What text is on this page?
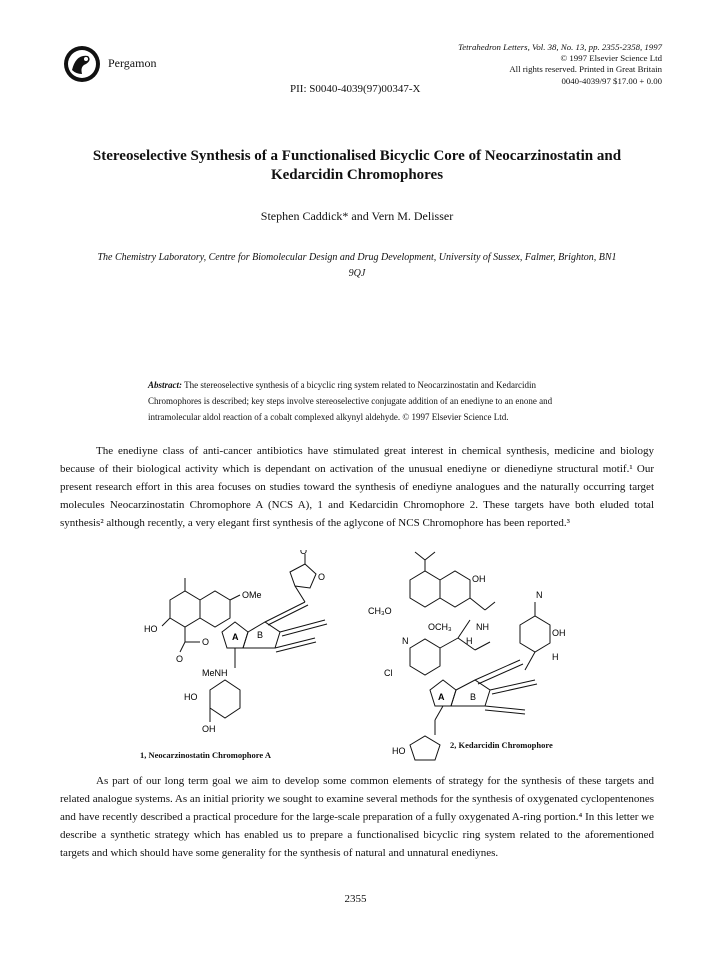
Pergamon
Tetrahedron Letters, Vol. 38, No. 13, pp. 2355-2358, 1997
© 1997 Elsevier Science Ltd
All rights reserved. Printed in Great Britain
0040-4039/97 $17.00 + 0.00
PII: S0040-4039(97)00347-X
Stereoselective Synthesis of a Functionalised Bicyclic Core of Neocarzinostatin and Kedarcidin Chromophores
Stephen Caddick* and Vern M. Delisser
The Chemistry Laboratory, Centre for Biomolecular Design and Drug Development, University of Sussex, Falmer, Brighton, BN1 9QJ
Abstract: The stereoselective synthesis of a bicyclic ring system related to Neocarzinostatin and Kedarcidin Chromophores is described; key steps involve stereoselective conjugate addition of an enediyne to an enone and intramolecular aldol reaction of a cobalt complexed alkynyl aldehyde. © 1997 Elsevier Science Ltd.
The enediyne class of anti-cancer antibiotics have stimulated great interest in chemical synthesis, medicine and biology because of their biological activity which is dependant on activation of the unusual enediyne or dienediyne structural motif.¹ Our present research effort in this area focuses on studies toward the synthesis of enediyne analogues and the naturally occurring target molecules Neocarzinostatin Chromophore A (NCS A), 1 and Kedarcidin Chromophore 2. These targets have both eluded total synthesis² although recently, a very elegant first synthesis of the aglycone of NCS Chromophore has been reported.³
OMe
HO
O
O	A B
O
O
MeNH
HO
OH
OH
CH₃O
OCH₃	NH
N
Cl
H
H
A	B
OH
N
HO
1, Neocarzinostatin Chromophore A
2, Kedarcidin Chromophore
As part of our long term goal we aim to develop some common elements of strategy for the synthesis of these targets and related analogue systems. As an initial priority we sought to examine several methods for the synthesis of oxygenated cyclopentenones and have recently described a practical procedure for the large-scale preparation of a fully oxygenated A-ring portion.⁴ In this letter we describe a synthetic strategy which has enabled us to prepare a functionalised bicyclic ring system related to the aforementioned targets and which should have some generality for the synthesis of natural and unnatural enediynes.
2355
